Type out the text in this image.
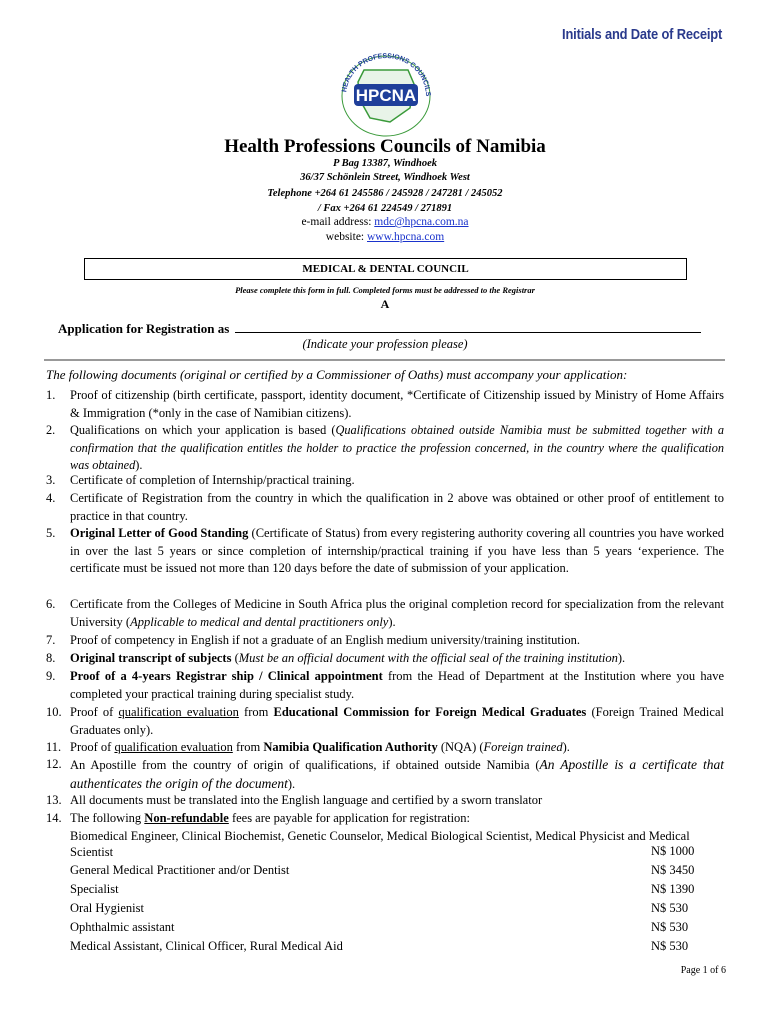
Initials and Date of Receipt
HEALTH PROFESSIONS COUNCILS
HPCNA
Health Professions Councils of Namibia
P Bag 13387, Windhoek
36/37 Schönlein Street, Windhoek West
Telephone +264 61 245586 / 245928 / 247281 / 245052
/ Fax +264 61 224549 / 271891
e-mail address: mdc@hpcna.com.na
website: www.hpcna.com
MEDICAL & DENTAL COUNCIL
Please complete this form in full. Completed forms must be addressed to the Registrar
A
Application for Registration as
(Indicate your profession please)
The following documents (original or certified by a Commissioner of Oaths) must accompany your application:
1.	Proof of citizenship (birth certificate, passport, identity document, *Certificate of Citizenship issued by Ministry of Home Affairs & Immigration (*only in the case of Namibian citizens).
2.	Qualifications on which your application is based (Qualifications obtained outside Namibia must be submitted together with a confirmation that the qualification entitles the holder to practice the profession concerned, in the country where the qualification was obtained).
3.	Certificate of completion of Internship/practical training.
4.	Certificate of Registration from the country in which the qualification in 2 above was obtained or other proof of entitlement to practice in that country.
5.	Original Letter of Good Standing (Certificate of Status) from every registering authority covering all countries you have worked in over the last 5 years or since completion of internship/practical training if you have less than 5 years ‘experience. The certificate must be issued not more than 120 days before the date of submission of your application.
6.	Certificate from the Colleges of Medicine in South Africa plus the original completion record for specialization from the relevant University (Applicable to medical and dental practitioners only).
7.	Proof of competency in English if not a graduate of an English medium university/training institution.
8.	Original transcript of subjects (Must be an official document with the official seal of the training institution).
9.	Proof of a 4-years Registrar ship / Clinical appointment from the Head of Department at the Institution where you have completed your practical training during specialist study.
10. Proof of qualification evaluation from Educational Commission for Foreign Medical Graduates (Foreign Trained Medical Graduates only).
11. Proof of qualification evaluation from Namibia Qualification Authority (NQA) (Foreign trained).
12. An Apostille from the country of origin of qualifications, if obtained outside Namibia (An Apostille is a certificate that authenticates the origin of the document).
13. All documents must be translated into the English language and certified by a sworn translator
14. The following Non-refundable fees are payable for application for registration:
Biomedical Engineer, Clinical Biochemist, Genetic Counselor, Medical Biological Scientist, Medical Physicist and Medical Scientist	N$ 1000
General Medical Practitioner and/or Dentist	N$ 3450
Specialist	N$ 1390
Oral Hygienist	N$ 530
Ophthalmic assistant	N$ 530
Medical Assistant, Clinical Officer, Rural Medical Aid	N$ 530
Page 1 of 6
